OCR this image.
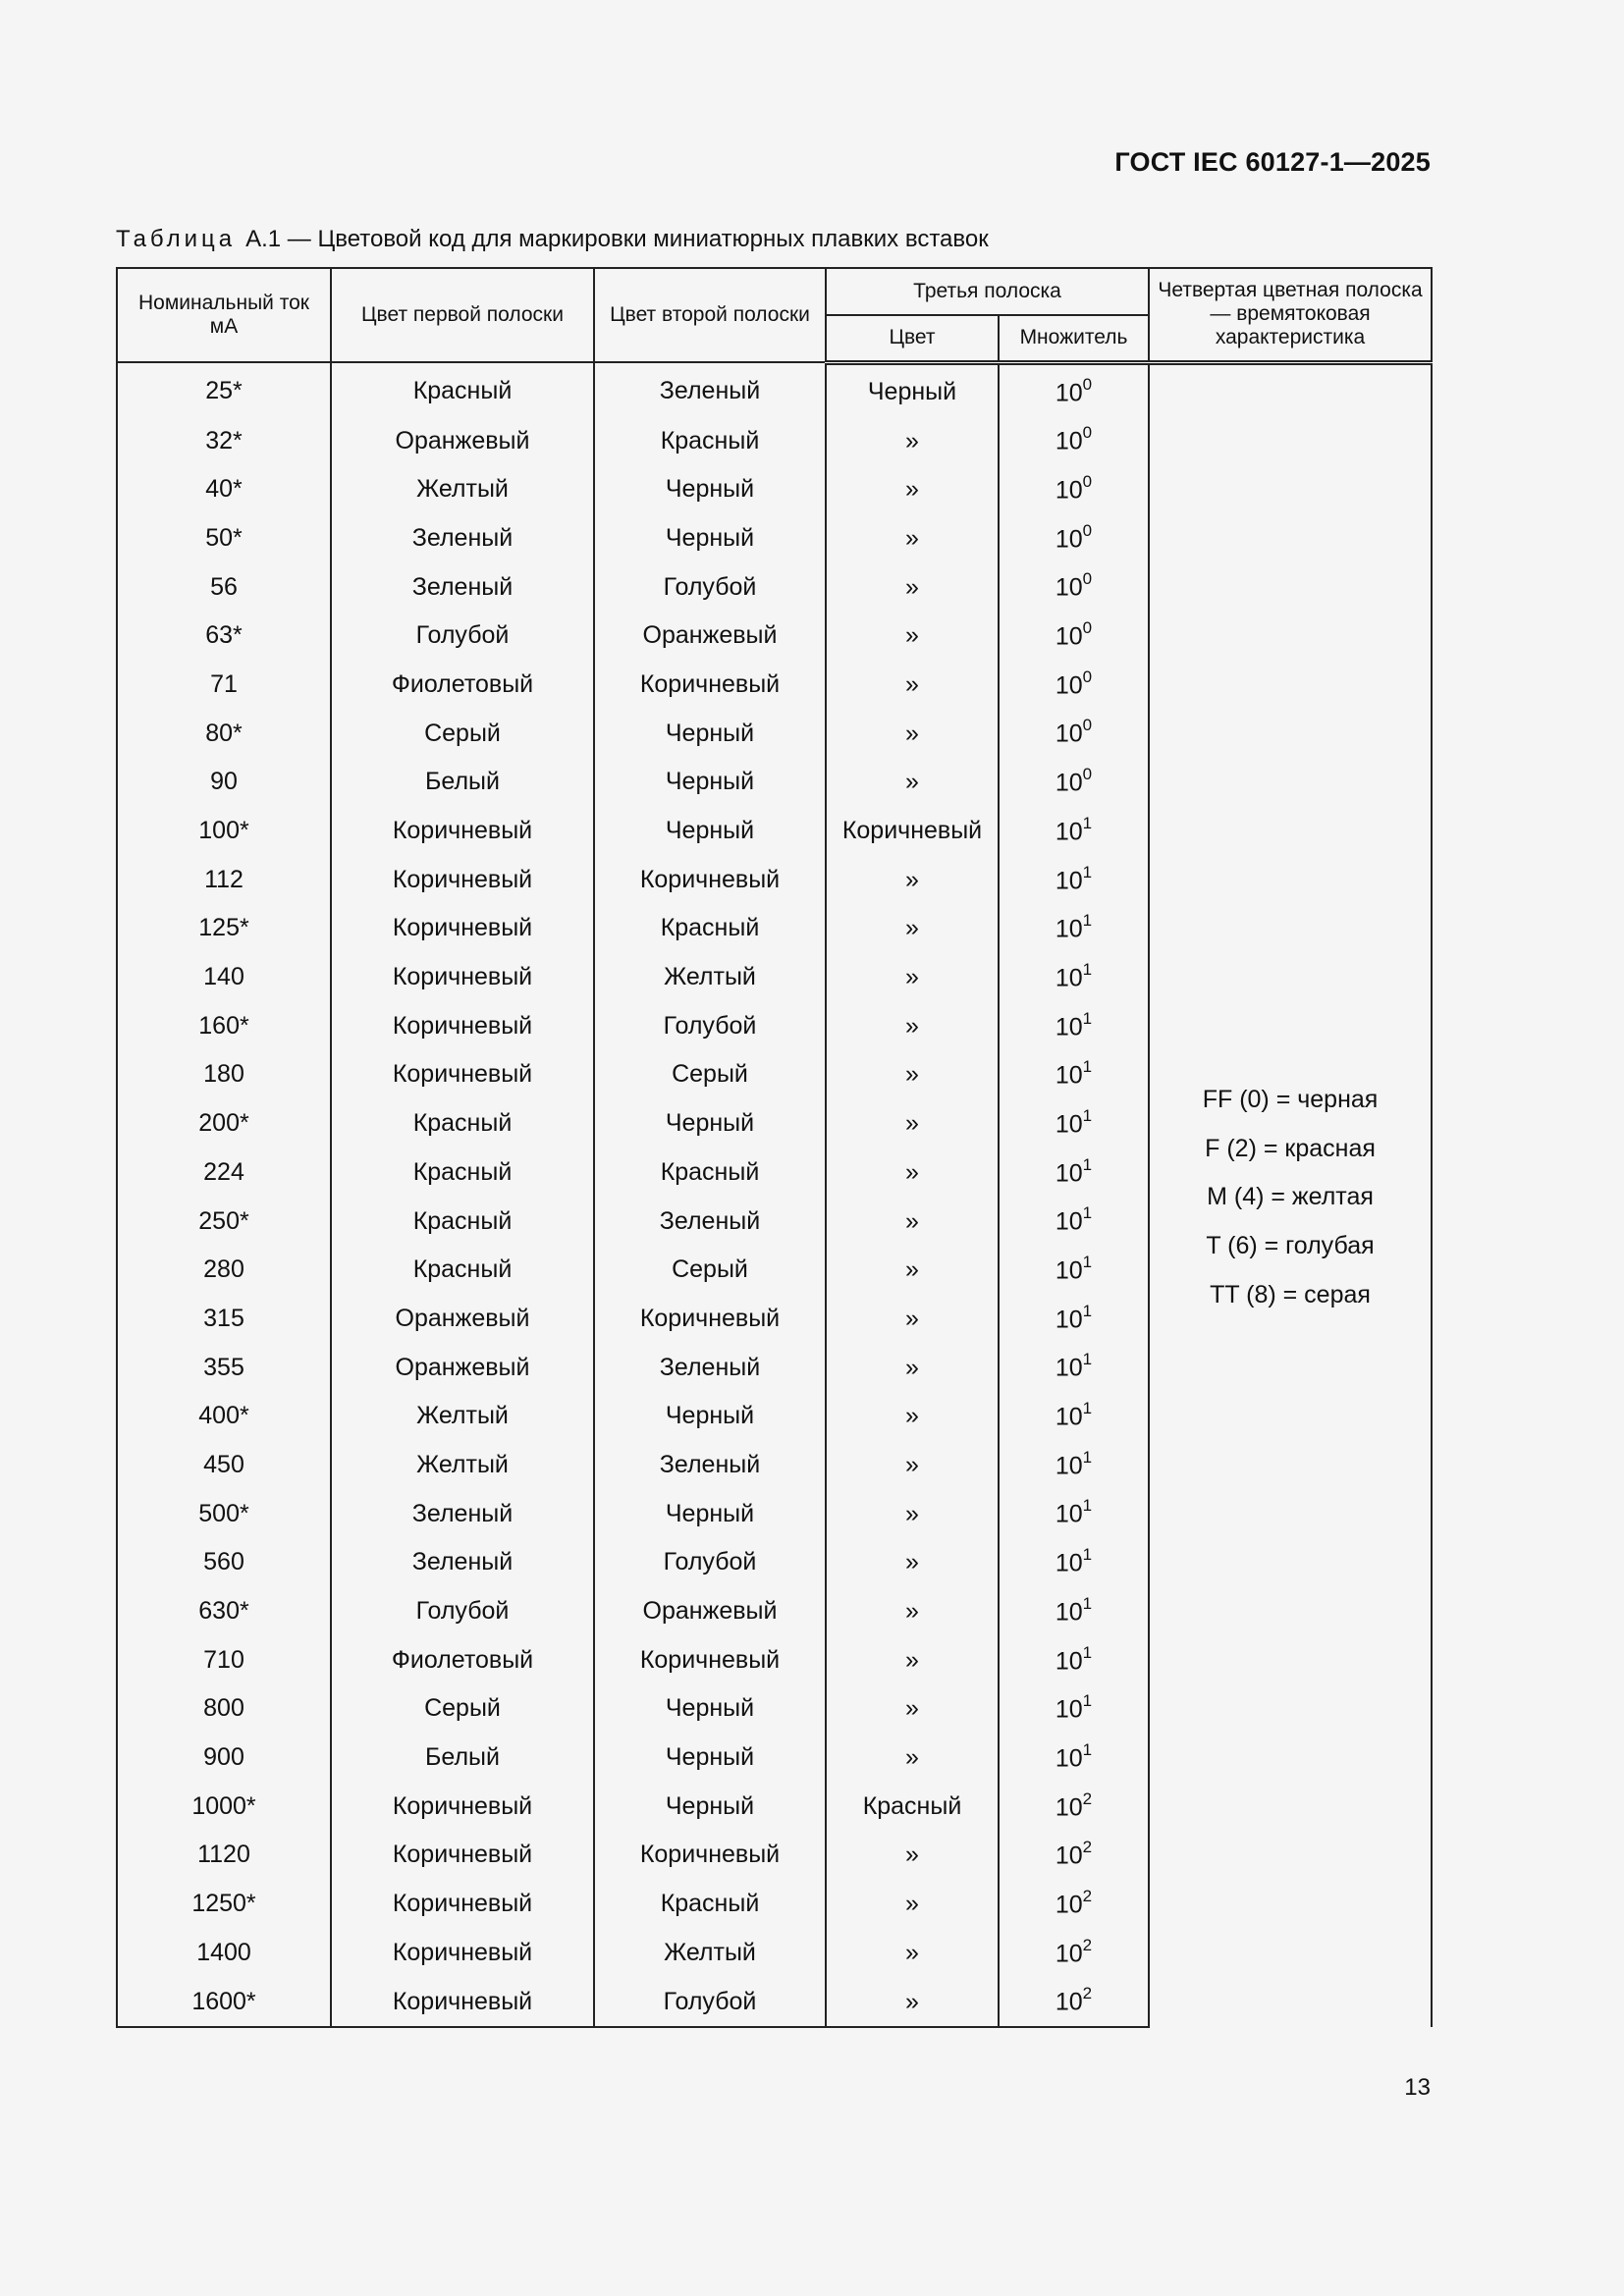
ГОСТ IEC 60127-1—2025
Таблица А.1 — Цветовой код для маркировки миниатюрных плавких вставок
Номинальный ток мА	Цвет первой полоски	Цвет второй полоски	Третья полоска		Четвертая цветная полоска — времятоковая характеристика
			Цвет	Множитель	
25*	Красный	Зеленый	Черный	$10^0$	FF (0) = черная
F (2) = красная
M (4) = желтая
T (6) = голубая
TT (8) = серая

32*	Оранжевый	Красный	»	$10^0$
40*	Желтый	Черный	»	$10^0$
50*	Зеленый	Черный	»	$10^0$
56	Зеленый	Голубой	»	$10^0$
63*	Голубой	Оранжевый	»	$10^0$
71	Фиолетовый	Коричневый	»	$10^0$
80*	Серый	Черный	»	$10^0$
90	Белый	Черный	»	$10^0$
100*	Коричневый	Черный	Коричневый	$10^1$
112	Коричневый	Коричневый	»	$10^1$
125*	Коричневый	Красный	»	$10^1$
140	Коричневый	Желтый	»	$10^1$
160*	Коричневый	Голубой	»	$10^1$
180	Коричневый	Серый	»	$10^1$
200*	Красный	Черный	»	$10^1$
224	Красный	Красный	»	$10^1$
250*	Красный	Зеленый	»	$10^1$
280	Красный	Серый	»	$10^1$
315	Оранжевый	Коричневый	»	$10^1$
355	Оранжевый	Зеленый	»	$10^1$
400*	Желтый	Черный	»	$10^1$
450	Желтый	Зеленый	»	$10^1$
500*	Зеленый	Черный	»	$10^1$
560	Зеленый	Голубой	»	$10^1$
630*	Голубой	Оранжевый	»	$10^1$
710	Фиолетовый	Коричневый	»	$10^1$
800	Серый	Черный	»	$10^1$
900	Белый	Черный	»	$10^1$
1000*	Коричневый	Черный	Красный	$10^2$
1120	Коричневый	Коричневый	»	$10^2$
1250*	Коричневый	Красный	»	$10^2$
1400	Коричневый	Желтый	»	$10^2$
1600*	Коричневый	Голубой	»	$10^2$
13
